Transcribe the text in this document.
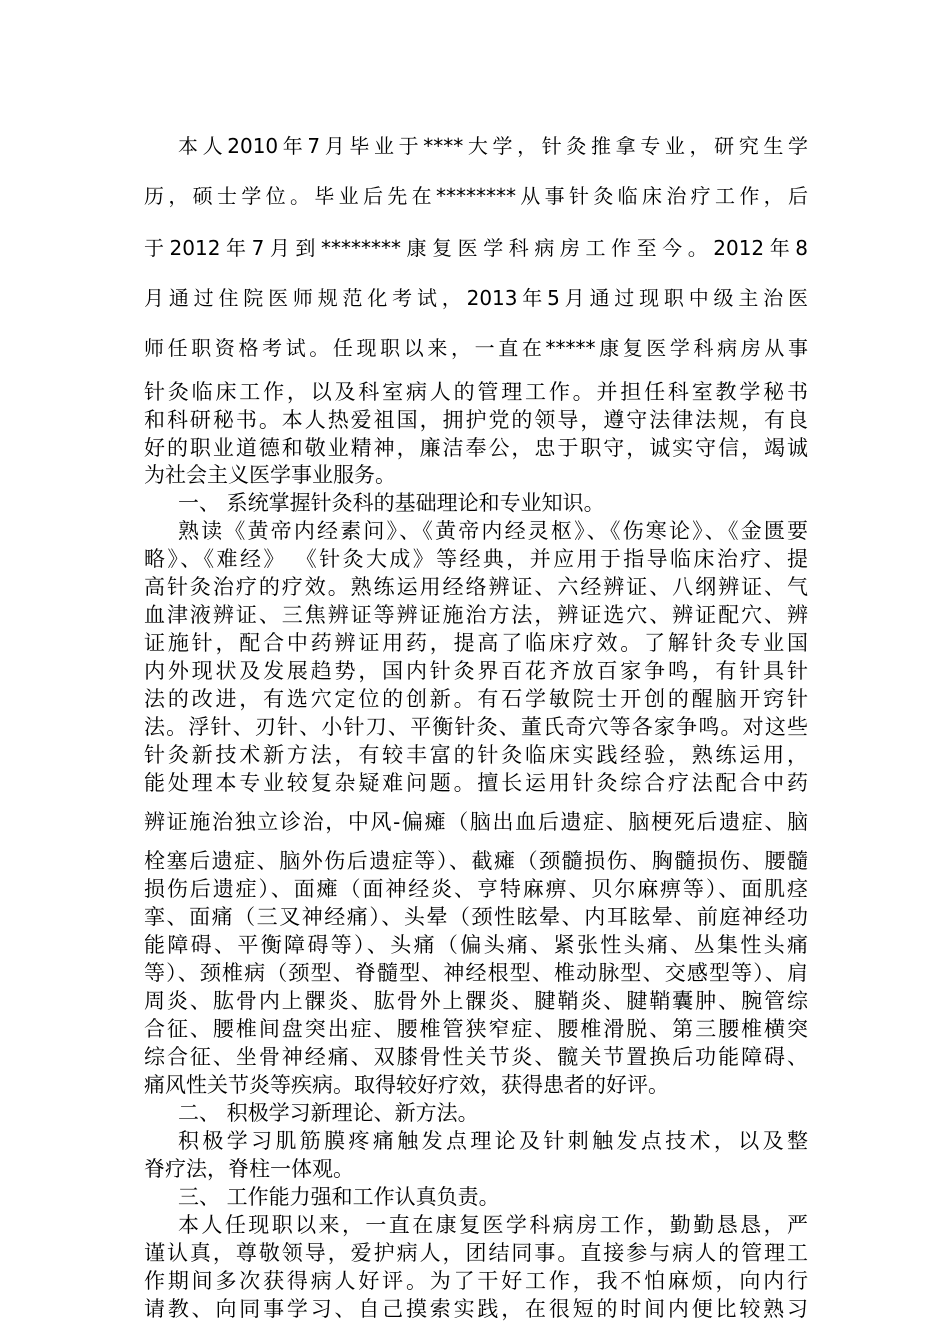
本人2010年7月毕业于****大学，针灸推拿专业，研究生学
历，硕士学位。毕业后先在********从事针灸临床治疗工作，后
于2012年7月到********康复医学科病房工作至今。2012年8
月通过住院医师规范化考试，2013年5月通过现职中级主治医
师任职资格考试。任现职以来，一直在*****康复医学科病房从事
针灸临床工作，以及科室病人的管理工作。并担任科室教学秘书
和科研秘书。本人热爱祖国，拥护党的领导，遵守法律法规，有良
好的职业道德和敬业精神，廉洁奉公，忠于职守，诚实守信，竭诚
为社会主义医学事业服务。
一、 系统掌握针灸科的基础理论和专业知识。
熟读《黄帝内经素问》、《黄帝内经灵枢》、《伤寒论》、《金匮要
略》、《难经》 《针灸大成》等经典，并应用于指导临床治疗、提
高针灸治疗的疗效。熟练运用经络辨证、六经辨证、八纲辨证、气
血津液辨证、三焦辨证等辨证施治方法，辨证选穴、辨证配穴、辨
证施针，配合中药辨证用药，提高了临床疗效。了解针灸专业国
内外现状及发展趋势，国内针灸界百花齐放百家争鸣，有针具针
法的改进，有选穴定位的创新。有石学敏院士开创的醒脑开窍针
法。浮针、刃针、小针刀、平衡针灸、董氏奇穴等各家争鸣。对这些
针灸新技术新方法，有较丰富的针灸临床实践经验，熟练运用，
能处理本专业较复杂疑难问题。擅长运用针灸综合疗法配合中药
辨证施治独立诊治，中风-偏瘫（脑出血后遗症、脑梗死后遗症、脑
栓塞后遗症、脑外伤后遗症等）、截瘫（颈髓损伤、胸髓损伤、腰髓
损伤后遗症）、面瘫（面神经炎、亨特麻痹、贝尔麻痹等）、面肌痉
挛、面痛（三叉神经痛）、头晕（颈性眩晕、内耳眩晕、前庭神经功
能障碍、平衡障碍等）、头痛（偏头痛、紧张性头痛、丛集性头痛
等）、颈椎病（颈型、脊髓型、神经根型、椎动脉型、交感型等）、肩
周炎、肱骨内上髁炎、肱骨外上髁炎、腱鞘炎、腱鞘囊肿、腕管综
合征、腰椎间盘突出症、腰椎管狭窄症、腰椎滑脱、第三腰椎横突
综合征、坐骨神经痛、双膝骨性关节炎、髋关节置换后功能障碍、
痛风性关节炎等疾病。取得较好疗效，获得患者的好评。
二、 积极学习新理论、新方法。
积极学习肌筋膜疼痛触发点理论及针刺触发点技术，以及整
脊疗法，脊柱一体观。
三、 工作能力强和工作认真负责。
本人任现职以来，一直在康复医学科病房工作，勤勤恳恳，严
谨认真，尊敬领导，爱护病人，团结同事。直接参与病人的管理工
作期间多次获得病人好评。为了干好工作，我不怕麻烦，向内行
请教、向同事学习、自己摸索实践，在很短的时间内便比较熟习
